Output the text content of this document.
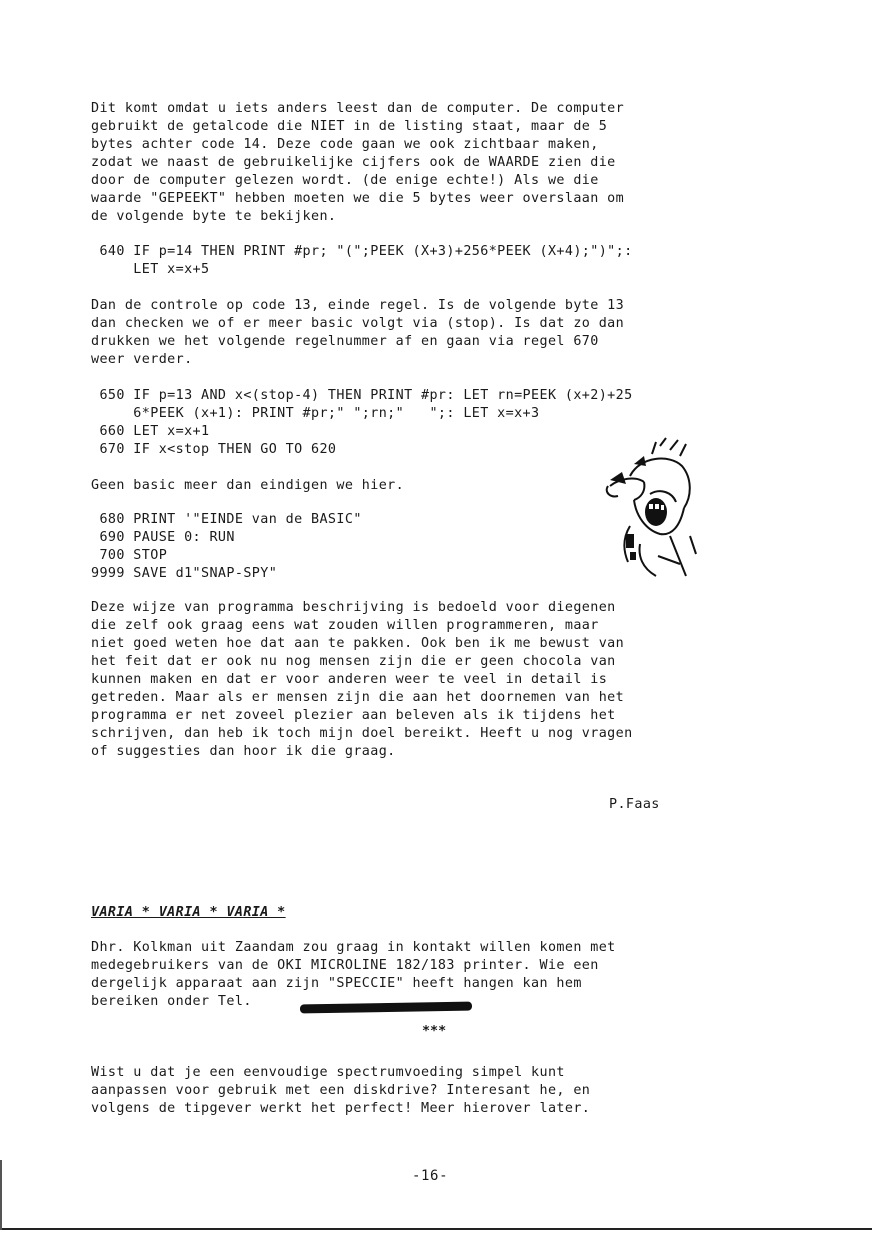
Dit komt omdat u iets anders leest dan de computer. De computer
gebruikt de getalcode die NIET in de listing staat, maar de 5
bytes achter code 14. Deze code gaan we ook zichtbaar maken,
zodat we naast de gebruikelijke cijfers ook de WAARDE zien die
door de computer gelezen wordt. (de enige echte!) Als we die
waarde "GEPEEKT" hebben moeten we die 5 bytes weer overslaan om
de volgende byte te bekijken.
640 IF p=14 THEN PRINT #pr; "(";PEEK (X+3)+256*PEEK (X+4);")";:
LET x=x+5
Dan de controle op code 13, einde regel. Is de volgende byte 13
dan checken we of er meer basic volgt via (stop). Is dat zo dan
drukken we het volgende regelnummer af en gaan via regel 670
weer verder.
650 IF p=13 AND x<(stop-4) THEN PRINT #pr: LET rn=PEEK (x+2)+25
6*PEEK (x+1): PRINT #pr;" ";rn;"   ";: LET x=x+3
660 LET x=x+1
670 IF x<stop THEN GO TO 620
Geen basic meer dan eindigen we hier.
680 PRINT '"EINDE van de BASIC"
690 PAUSE 0: RUN
700 STOP
9999 SAVE d1"SNAP-SPY"
Deze wijze van programma beschrijving is bedoeld voor diegenen
die zelf ook graag eens wat zouden willen programmeren, maar
niet goed weten hoe dat aan te pakken. Ook ben ik me bewust van
het feit dat er ook nu nog mensen zijn die er geen chocola van
kunnen maken en dat er voor anderen weer te veel in detail is
getreden. Maar als er mensen zijn die aan het doornemen van het
programma er net zoveel plezier aan beleven als ik tijdens het
schrijven, dan heb ik toch mijn doel bereikt. Heeft u nog vragen
of suggesties dan hoor ik die graag.
P.Faas
VARIA * VARIA * VARIA *
Dhr. Kolkman uit Zaandam zou graag in kontakt willen komen met
medegebruikers van de OKI MICROLINE 182/183 printer. Wie een
dergelijk apparaat aan zijn "SPECCIE" heeft hangen kan hem
bereiken onder Tel.
***
Wist u dat je een eenvoudige spectrumvoeding simpel kunt
aanpassen voor gebruik met een diskdrive? Interesant he, en
volgens de tipgever werkt het perfect! Meer hierover later.
-16-
